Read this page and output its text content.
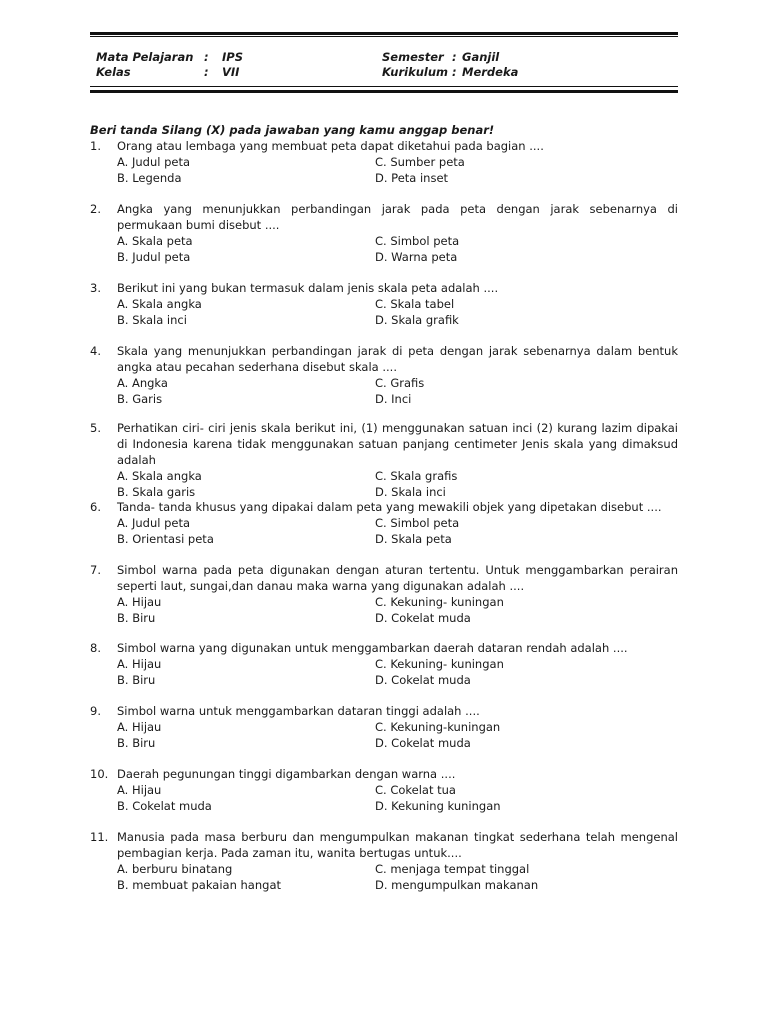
Mata Pelajaran : IPS	Semester : Ganjil
Kelas	: VII	Kurikulum : Merdeka
Beri tanda Silang (X) pada jawaban yang kamu anggap benar!
1. Orang atau lembaga yang membuat peta dapat diketahui pada bagian ....
A. Judul peta	C. Sumber peta
B. Legenda	D. Peta inset
2. Angka yang menunjukkan perbandingan jarak pada peta dengan jarak sebenarnya di permukaan bumi disebut ....
A. Skala peta	C. Simbol peta
B. Judul peta	D. Warna peta
3. Berikut ini yang bukan termasuk dalam jenis skala peta adalah ....
A. Skala angka	C. Skala tabel
B. Skala inci	D. Skala grafik
4. Skala yang menunjukkan perbandingan jarak di peta dengan jarak sebenarnya dalam bentuk angka atau pecahan sederhana disebut skala ....
A. Angka	C. Grafis
B. Garis	D. Inci
5. Perhatikan ciri- ciri jenis skala berikut ini, (1) menggunakan satuan inci (2) kurang lazim dipakai di Indonesia karena tidak menggunakan satuan panjang centimeter Jenis skala yang dimaksud adalah
A. Skala angka	C. Skala grafis
B. Skala garis	D. Skala inci
6. Tanda- tanda khusus yang dipakai dalam peta yang mewakili objek yang dipetakan disebut ....
A. Judul peta	C. Simbol peta
B. Orientasi peta	D. Skala peta
7. Simbol warna pada peta digunakan dengan aturan tertentu. Untuk menggambarkan perairan seperti laut, sungai,dan danau maka warna yang digunakan adalah ....
A. Hijau	C. Kekuning- kuningan
B. Biru	D. Cokelat muda
8. Simbol warna yang digunakan untuk menggambarkan daerah dataran rendah adalah ....
A. Hijau	C. Kekuning- kuningan
B. Biru	D. Cokelat muda
9. Simbol warna untuk menggambarkan dataran tinggi adalah ....
A. Hijau	C. Kekuning-kuningan
B. Biru	D. Cokelat muda
10. Daerah pegunungan tinggi digambarkan dengan warna ....
A. Hijau	C. Cokelat tua
B. Cokelat muda	D. Kekuning kuningan
11. Manusia pada masa berburu dan mengumpulkan makanan tingkat sederhana telah mengenal pembagian kerja. Pada zaman itu, wanita bertugas untuk....
A. berburu binatang	C. menjaga tempat tinggal
B. membuat pakaian hangat	D. mengumpulkan makanan
